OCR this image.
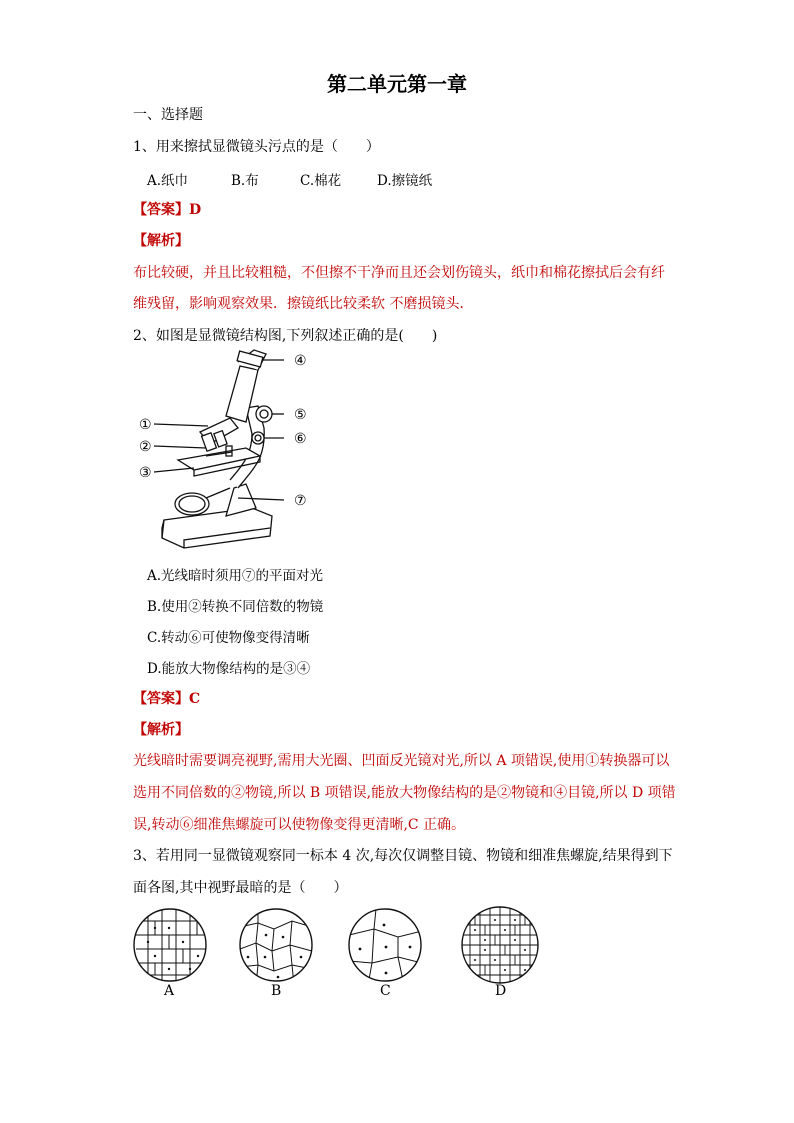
第二单元第一章
一、选择题
1、用来擦拭显微镜头污点的是（　　）
A.纸巾	B.布	C.棉花	D.擦镜纸
【答案】D
【解析】
布比较硬，并且比较粗糙，不但擦不干净而且还会划伤镜头，纸巾和棉花擦拭后会有纤
维残留，影响观察效果．擦镜纸比较柔软 不磨损镜头．
2、如图是显微镜结构图,下列叙述正确的是(　　)
①
②
③
④
⑤
⑥
⑦
A.光线暗时须用⑦的平面对光
B.使用②转换不同倍数的物镜
C.转动⑥可使物像变得清晰
D.能放大物像结构的是③④
【答案】C
【解析】
光线暗时需要调亮视野,需用大光圈、凹面反光镜对光,所以 A 项错误,使用①转换器可以
选用不同倍数的②物镜,所以 B 项错误,能放大物像结构的是②物镜和④目镜,所以 D 项错
误,转动⑥细准焦螺旋可以使物像变得更清晰,C 正确。
3、若用同一显微镜观察同一标本 4 次,每次仅调整目镜、物镜和细准焦螺旋,结果得到下
面各图,其中视野最暗的是（　　）
A	B	C	D
